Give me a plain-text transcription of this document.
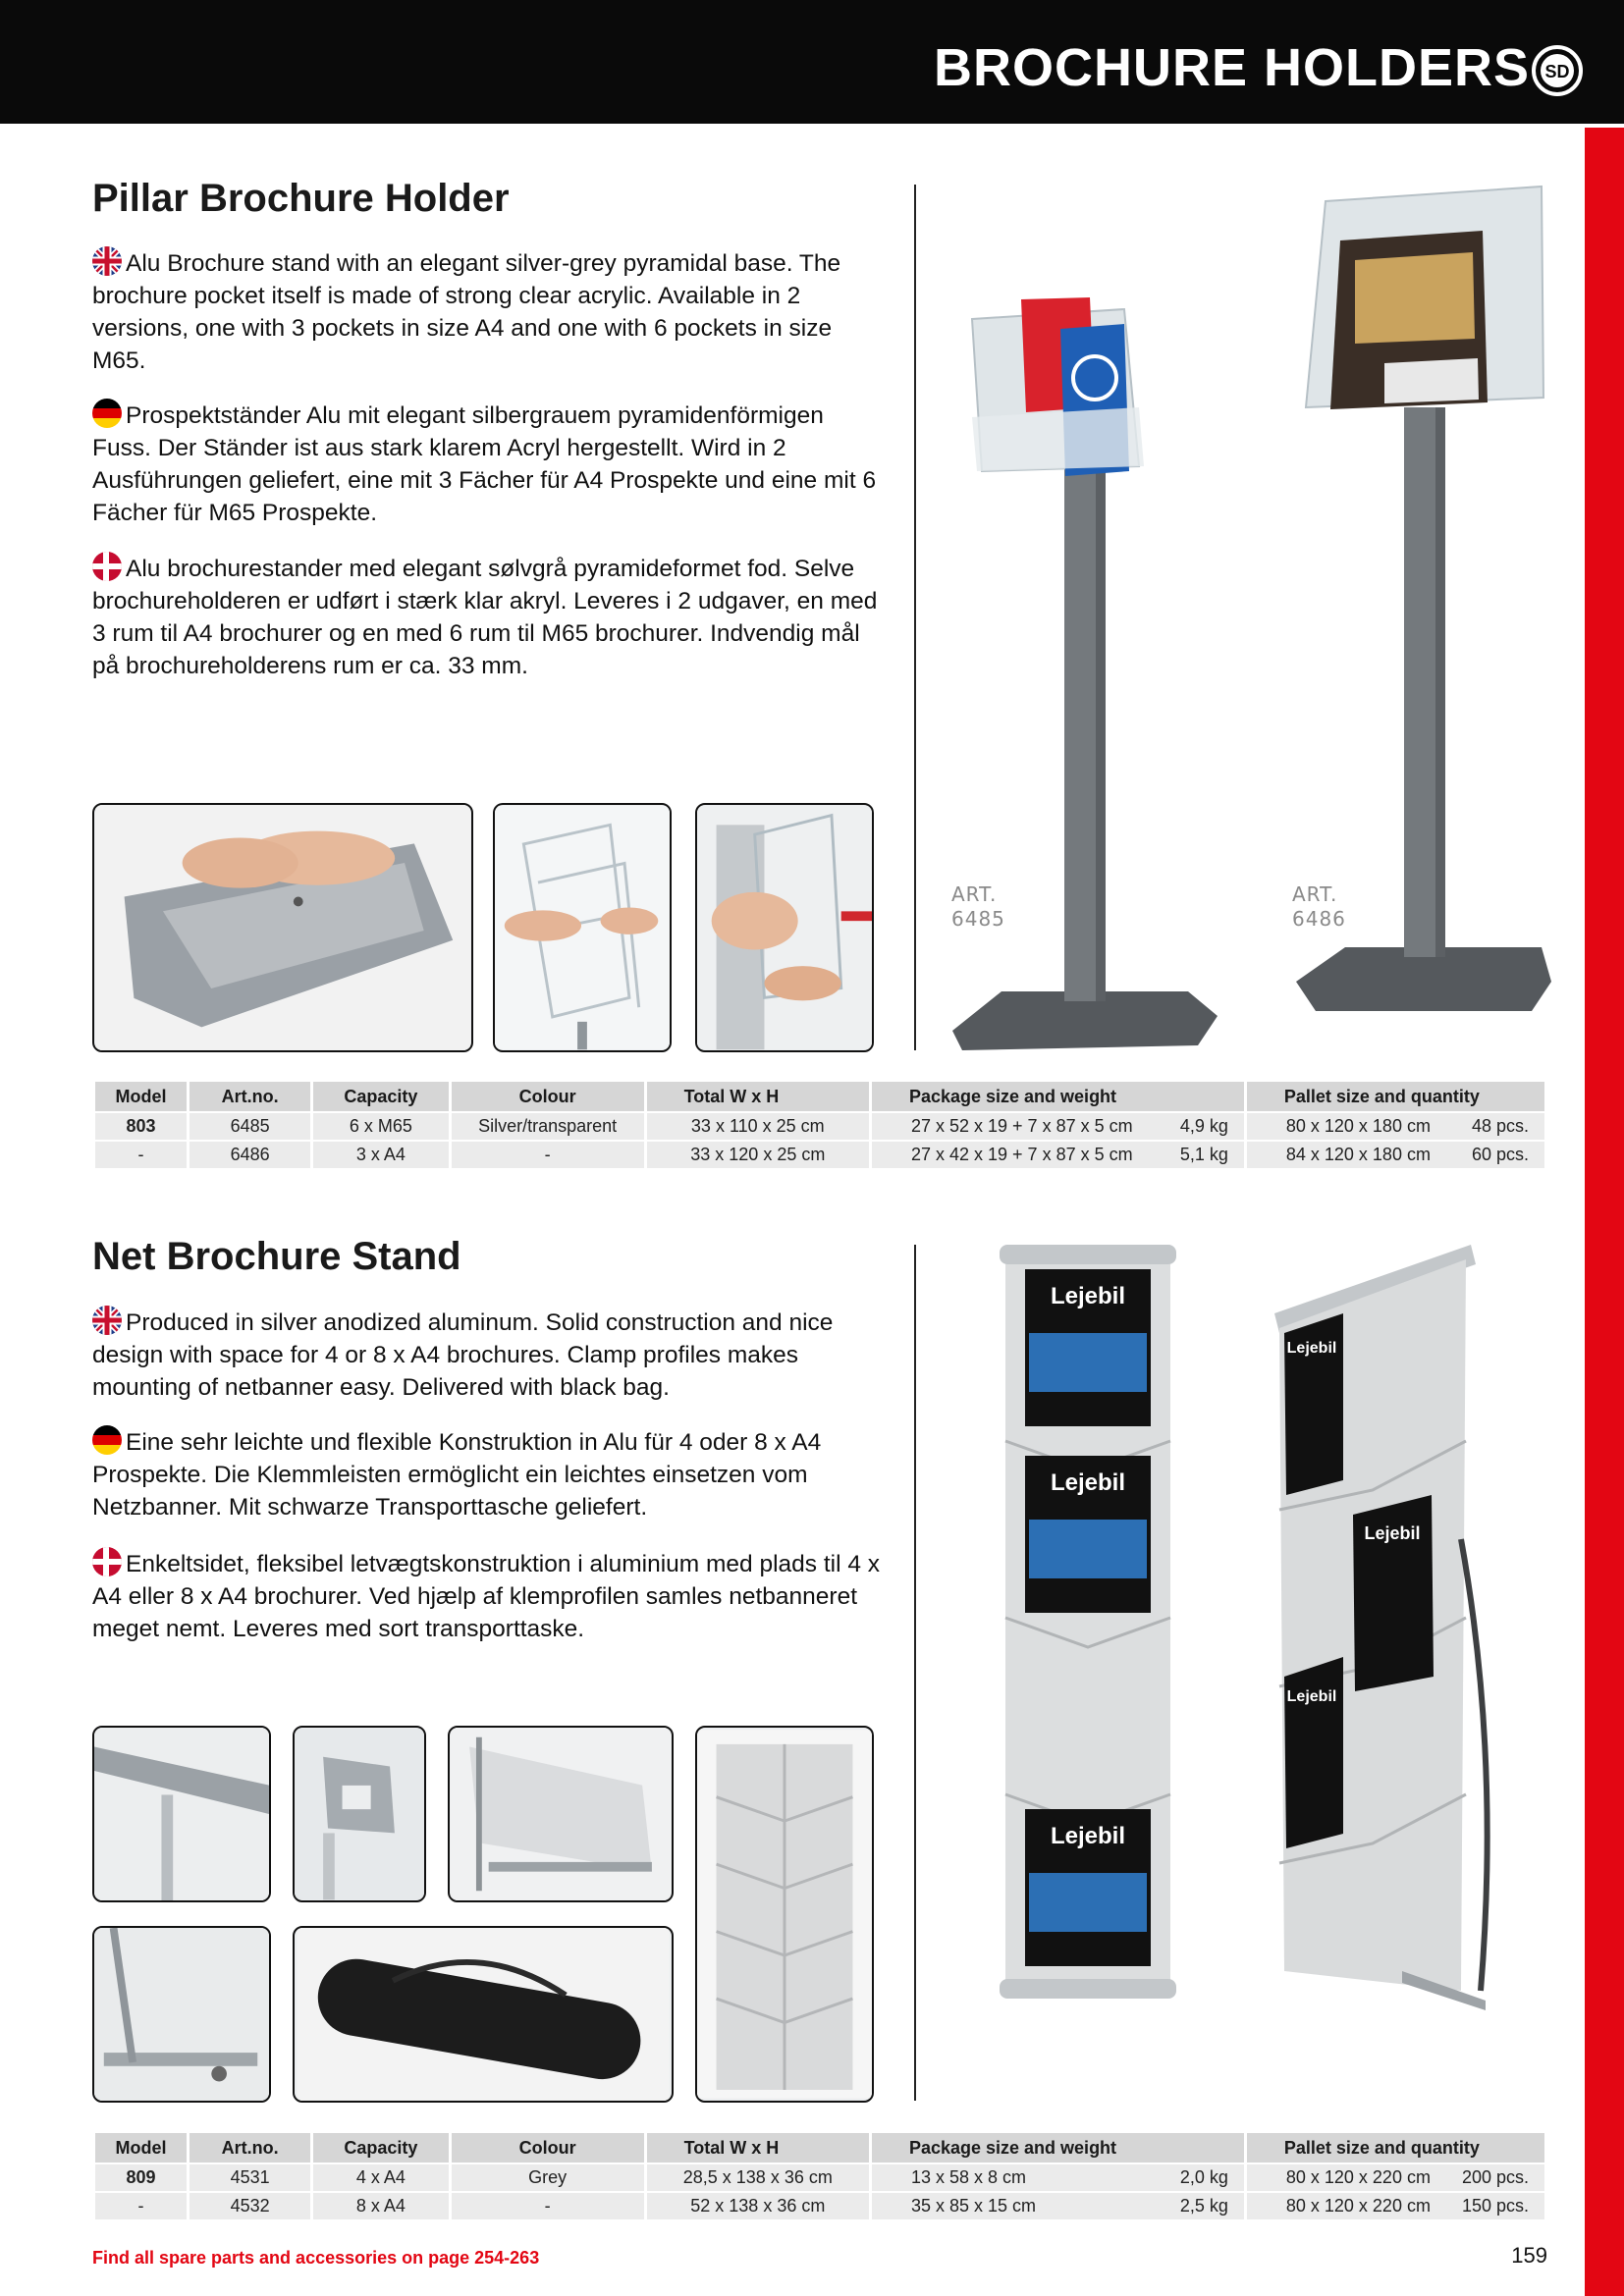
BROCHURE HOLDERS SD
Pillar Brochure Holder
Alu Brochure stand with an elegant silver-grey pyramidal base. The brochure pocket itself is made of strong clear acrylic. Available in 2 versions, one with 3 pockets in size A4 and one with 6 pockets in size M65.
Prospektständer Alu mit elegant silbergrauem pyramidenförmigen Fuss. Der Ständer ist aus stark klarem Acryl hergestellt. Wird in 2 Ausführungen geliefert, eine mit 3 Fächer für A4 Prospekte und eine mit 6 Fächer für M65 Prospekte.
Alu brochurestander med elegant sølvgrå pyramideformet fod. Selve brochureholderen er udført i stærk klar akryl. Leveres i 2 udgaver, en med 3 rum til A4 brochurer og en med 6 rum til M65 brochurer. Indvendig mål på brochureholderens rum er ca. 33 mm.
ART.
6485
ART.
6486
Model	Art.no.	Capacity	Colour	Total W x H	Package size and weight	Pallet size and quantity
803	6485	6 x M65	Silver/transparent	33 x 110 x 25 cm	27 x 52 x 19 + 7 x 87 x 5 cm 4,9 kg	80 x 120 x 180 cm 48 pcs.

-	6486	3 x A4	-	33 x 120 x 25 cm	27 x 42 x 19 + 7 x 87 x 5 cm 5,1 kg	84 x 120 x 180 cm 60 pcs.
Net Brochure Stand
Produced in silver anodized aluminum. Solid construction and nice design with space for 4 or 8 x A4 brochures. Clamp profiles makes mounting of netbanner easy. Delivered with black bag.
Eine sehr leichte und flexible Konstruktion in Alu für 4 oder 8 x A4 Prospekte. Die Klemmleisten ermöglicht ein leichtes einsetzen vom Netzbanner. Mit schwarze Transporttasche geliefert.
Enkeltsidet, fleksibel letvægtskonstruktion i aluminium med plads til 4 x A4 eller 8 x A4 brochurer. Ved hjælp af klemprofilen samles netbanneret meget nemt. Leveres med sort transporttaske.
Lejebil
Lejebil
Lejebil
Lejebil
Lejebil
Lejebil
Model	Art.no.	Capacity	Colour	Total W x H	Package size and weight	Pallet size and quantity
809	4531	4 x A4	Grey	28,5 x 138 x 36 cm	13 x 58 x 8 cm 2,0 kg	80 x 120 x 220 cm 200 pcs.

-	4532	8 x A4	-	52 x 138 x 36 cm	35 x 85 x 15 cm 2,5 kg	80 x 120 x 220 cm 150 pcs.
Find all spare parts and accessories on page 254-263	159
